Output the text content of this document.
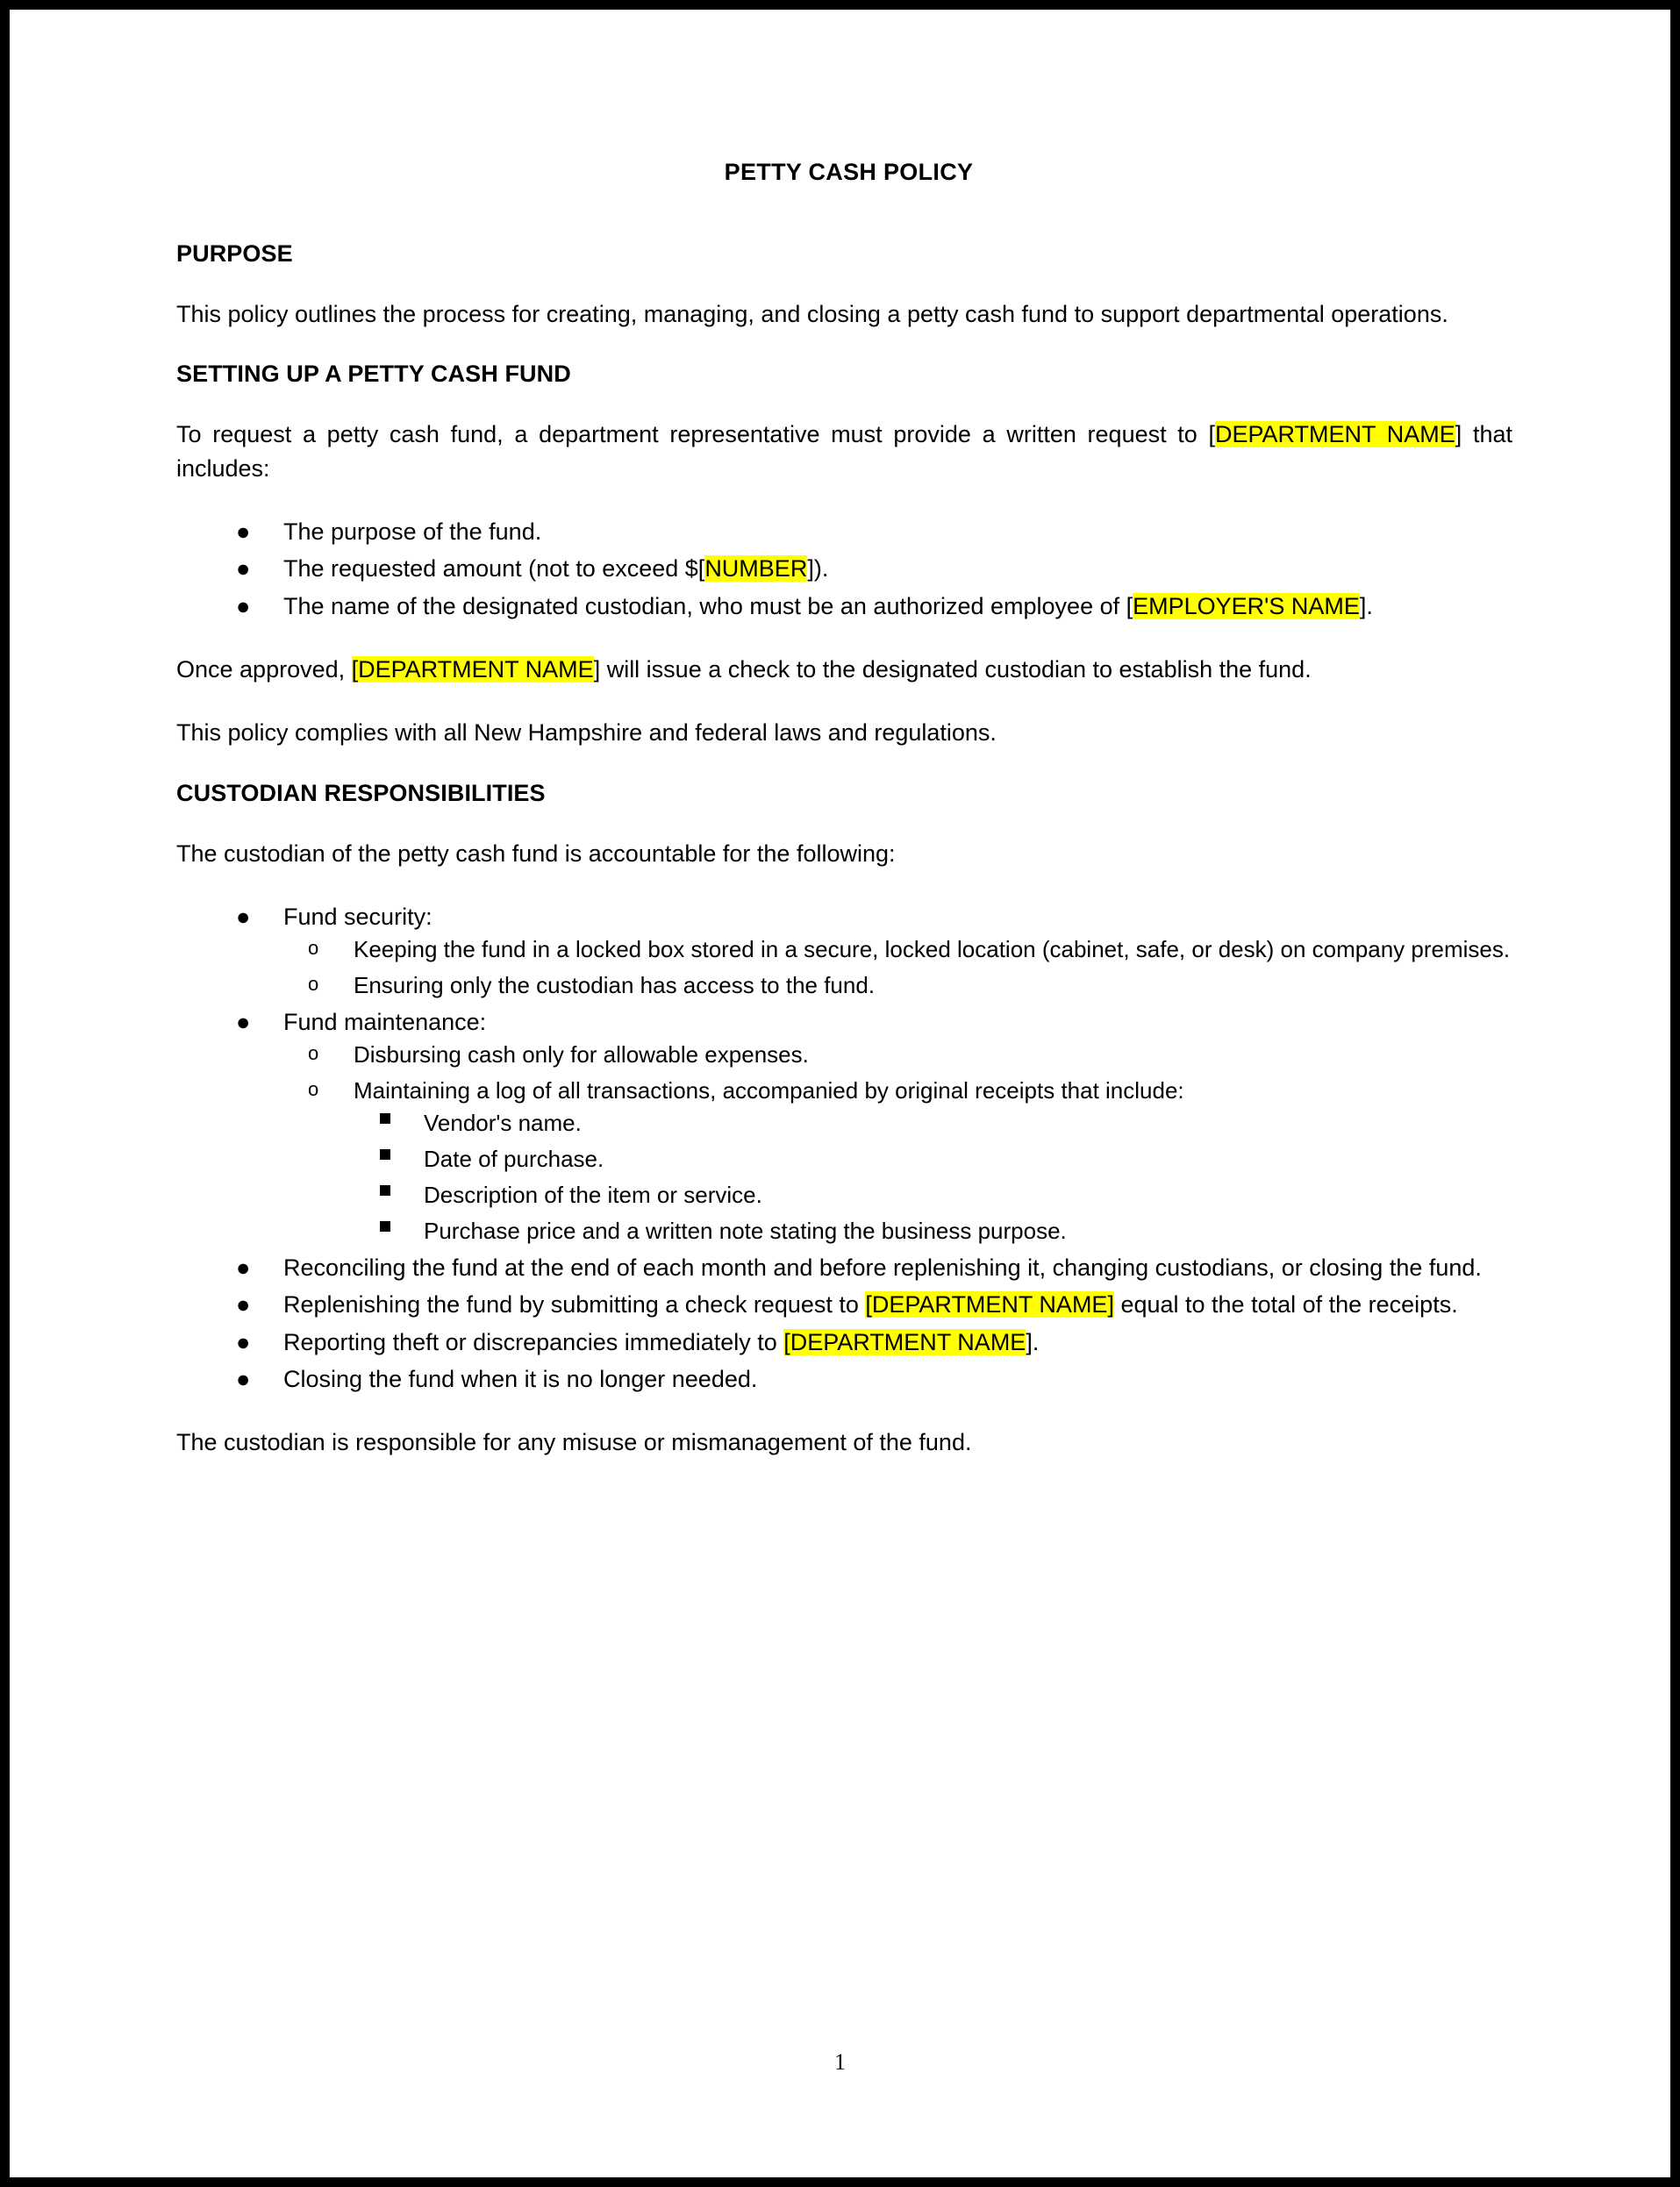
PETTY CASH POLICY
PURPOSE

This policy outlines the process for creating, managing, and closing a petty cash fund to support departmental operations.

SETTING UP A PETTY CASH FUND

To request a petty cash fund, a department representative must provide a written request to [DEPARTMENT NAME] that includes:

● The purpose of the fund.
● The requested amount (not to exceed $[NUMBER]).
● The name of the designated custodian, who must be an authorized employee of [EMPLOYER'S NAME].

Once approved, [DEPARTMENT NAME] will issue a check to the designated custodian to establish the fund.

This policy complies with all New Hampshire and federal laws and regulations.

CUSTODIAN RESPONSIBILITIES

The custodian of the petty cash fund is accountable for the following:

● Fund security:
o Keeping the fund in a locked box stored in a secure, locked location (cabinet, safe, or desk) on company premises.
o Ensuring only the custodian has access to the fund.
● Fund maintenance:
o Disbursing cash only for allowable expenses.
o Maintaining a log of all transactions, accompanied by original receipts that include:
Vendor's name.
Date of purchase.
Description of the item or service.
Purchase price and a written note stating the business purpose.
● Reconciling the fund at the end of each month and before replenishing it, changing custodians, or closing the fund.
● Replenishing the fund by submitting a check request to [DEPARTMENT NAME] equal to the total of the receipts.
● Reporting theft or discrepancies immediately to [DEPARTMENT NAME].
● Closing the fund when it is no longer needed.

The custodian is responsible for any misuse or mismanagement of the fund.

1
